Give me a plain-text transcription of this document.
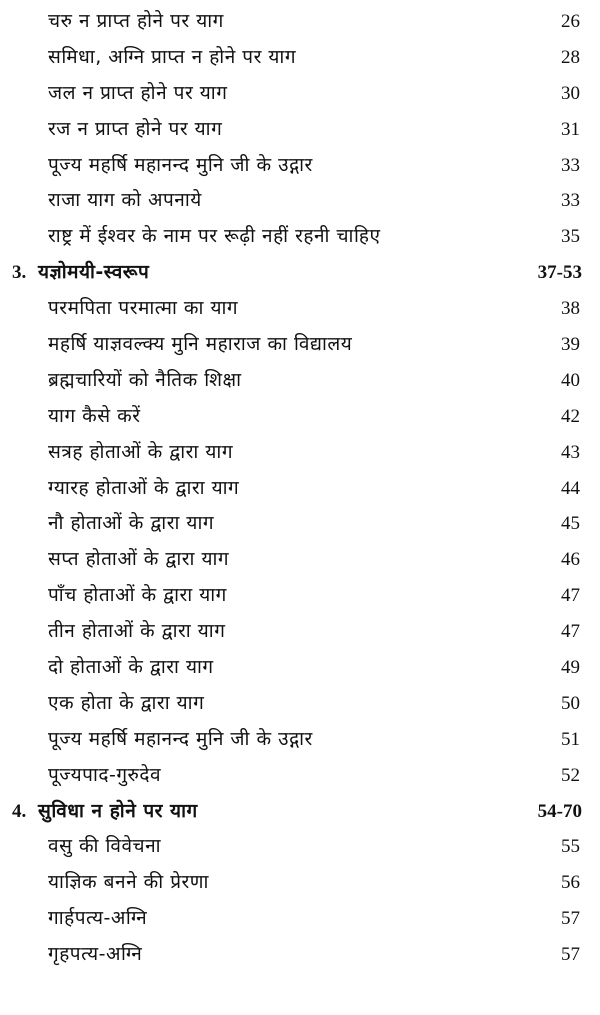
चरु न प्राप्त होने पर याग	26
समिधा, अग्नि प्राप्त न होने पर याग	28
जल न प्राप्त होने पर याग	30
रज न प्राप्त होने पर याग	31
पूज्य महर्षि महानन्द मुनि जी के उद्गार	33
राजा याग को अपनाये	33
राष्ट्र में ईश्वर के नाम पर रूढ़ी नहीं रहनी चाहिए	35
3. यज्ञोमयी-स्वरूप	37-53
परमपिता परमात्मा का याग	38
महर्षि याज्ञवल्क्य मुनि महाराज का विद्यालय	39
ब्रह्मचारियों को नैतिक शिक्षा	40
याग कैसे करें	42
सत्रह होताओं के द्वारा याग	43
ग्यारह होताओं के द्वारा याग	44
नौ होताओं के द्वारा याग	45
सप्त होताओं के द्वारा याग	46
पाँच होताओं के द्वारा याग	47
तीन होताओं के द्वारा याग	47
दो होताओं के द्वारा याग	49
एक होता के द्वारा याग	50
पूज्य महर्षि महानन्द मुनि जी के उद्गार	51
पूज्यपाद-गुरुदेव	52
4. सुविधा न होने पर याग	54-70
वसु की विवेचना	55
याज्ञिक बनने की प्रेरणा	56
गार्हपत्य-अग्नि	57
गृहपत्य-अग्नि	57
